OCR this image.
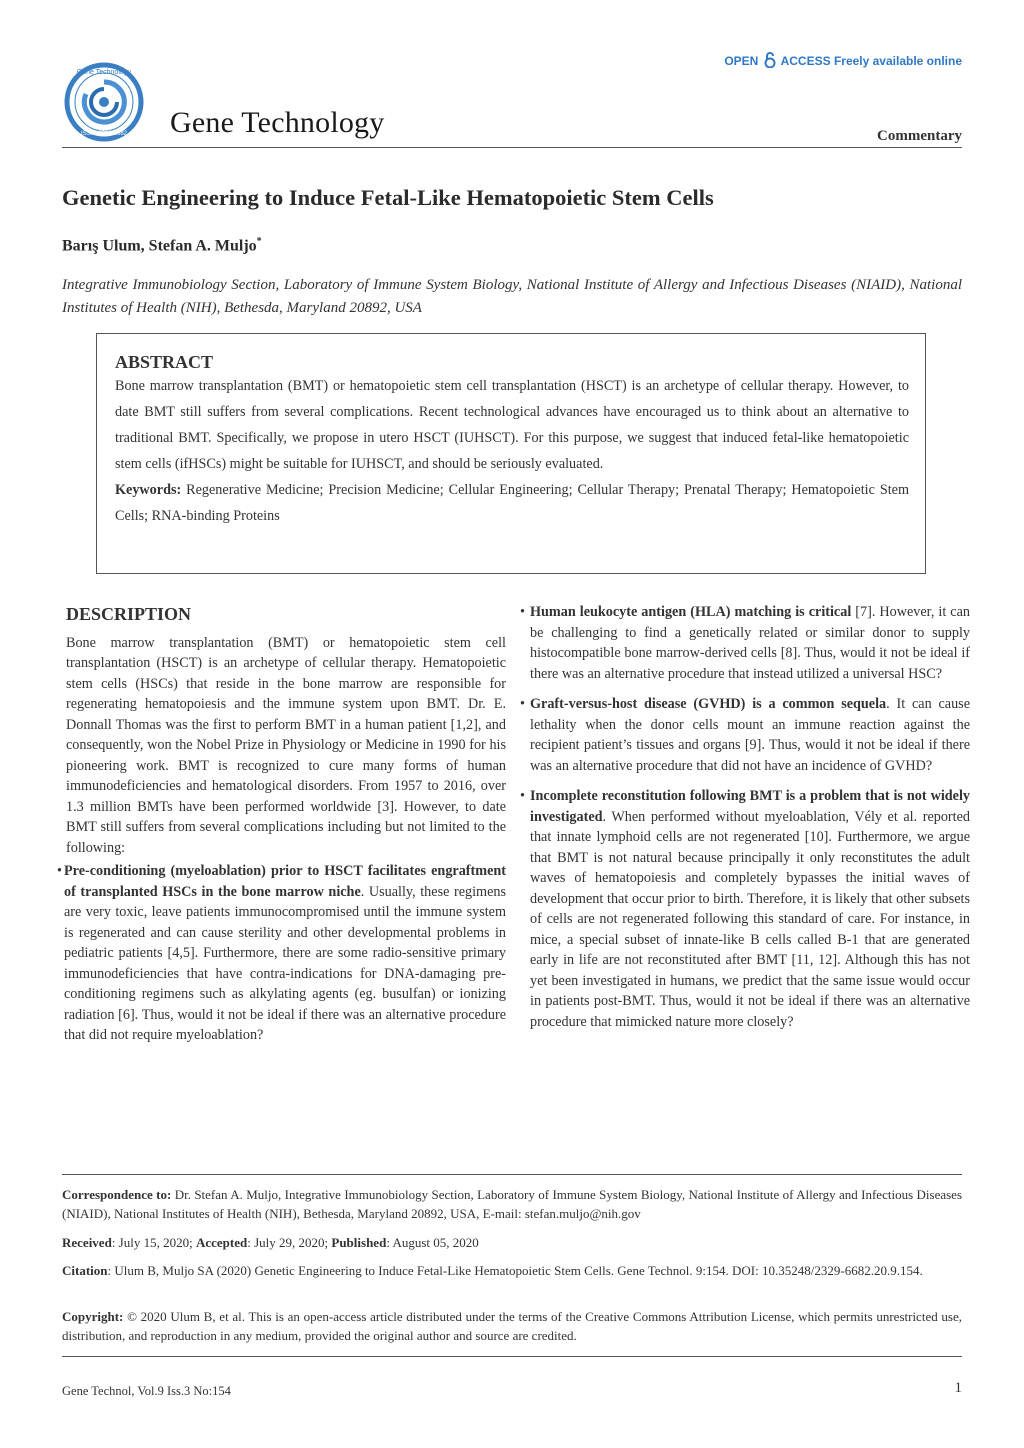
Gene Technology
ISSN: 2329-6682
OPEN ACCESS Freely available online
Gene Technology	Commentary
Genetic Engineering to Induce Fetal-Like Hematopoietic Stem Cells
Barış Ulum, Stefan A. Muljo*
Integrative Immunobiology Section, Laboratory of Immune System Biology, National Institute of Allergy and Infectious Diseases (NIAID), National Institutes of Health (NIH), Bethesda, Maryland 20892, USA
ABSTRACT
Bone marrow transplantation (BMT) or hematopoietic stem cell transplantation (HSCT) is an archetype of cellular therapy. However, to date BMT still suffers from several complications. Recent technological advances have encouraged us to think about an alternative to traditional BMT. Specifically, we propose in utero HSCT (IUHSCT). For this purpose, we suggest that induced fetal-like hematopoietic stem cells (ifHSCs) might be suitable for IUHSCT, and should be seriously evaluated.
Keywords: Regenerative Medicine; Precision Medicine; Cellular Engineering; Cellular Therapy; Prenatal Therapy; Hematopoietic Stem Cells; RNA-binding Proteins
DESCRIPTION

Bone marrow transplantation (BMT) or hematopoietic stem cell transplantation (HSCT) is an archetype of cellular therapy. Hematopoietic stem cells (HSCs) that reside in the bone marrow are responsible for regenerating hematopoiesis and the immune system upon BMT. Dr. E. Donnall Thomas was the first to perform BMT in a human patient [1,2], and consequently, won the Nobel Prize in Physiology or Medicine in 1990 for his pioneering work. BMT is recognized to cure many forms of human immunodeficiencies and hematological disorders. From 1957 to 2016, over 1.3 million BMTs have been performed worldwide [3]. However, to date BMT still suffers from several complications including but not limited to the following:

• Pre-conditioning (myeloablation) prior to HSCT facilitates engraftment of transplanted HSCs in the bone marrow niche. Usually, these regimens are very toxic, leave patients immunocompromised until the immune system is regenerated and can cause sterility and other developmental problems in pediatric patients [4,5]. Furthermore, there are some radio-sensitive primary immunodeficiencies that have contra-indications for DNA-damaging pre-conditioning regimens such as alkylating agents (eg. busulfan) or ionizing radiation [6]. Thus, would it not be ideal if there was an alternative procedure that did not require myeloablation?

• Human leukocyte antigen (HLA) matching is critical [7]. However, it can be challenging to find a genetically related or similar donor to supply histocompatible bone marrow-derived cells [8]. Thus, would it not be ideal if there was an alternative procedure that instead utilized a universal HSC?

• Graft-versus-host disease (GVHD) is a common sequela. It can cause lethality when the donor cells mount an immune reaction against the recipient patient’s tissues and organs [9]. Thus, would it not be ideal if there was an alternative procedure that did not have an incidence of GVHD?

• Incomplete reconstitution following BMT is a problem that is not widely investigated. When performed without myeloablation, Vély et al. reported that innate lymphoid cells are not regenerated [10]. Furthermore, we argue that BMT is not natural because principally it only reconstitutes the adult waves of hematopoiesis and completely bypasses the initial waves of development that occur prior to birth. Therefore, it is likely that other subsets of cells are not regenerated following this standard of care. For instance, in mice, a special subset of innate-like B cells called B-1 that are generated early in life are not reconstituted after BMT [11, 12]. Although this has not yet been investigated in humans, we predict that the same issue would occur in patients post-BMT. Thus, would it not be ideal if there was an alternative procedure that mimicked nature more closely?

Correspondence to: Dr. Stefan A. Muljo, Integrative Immunobiology Section, Laboratory of Immune System Biology, National Institute of Allergy and Infectious Diseases (NIAID), National Institutes of Health (NIH), Bethesda, Maryland 20892, USA, E-mail: stefan.muljo@nih.gov
Received: July 15, 2020; Accepted: July 29, 2020; Published: August 05, 2020
Citation: Ulum B, Muljo SA (2020) Genetic Engineering to Induce Fetal-Like Hematopoietic Stem Cells. Gene Technol. 9:154. DOI: 10.35248/2329-6682.20.9.154.
Copyright: © 2020 Ulum B, et al. This is an open-access article distributed under the terms of the Creative Commons Attribution License, which permits unrestricted use, distribution, and reproduction in any medium, provided the original author and source are credited.
Gene Technol, Vol.9 Iss.3 No:154	1
